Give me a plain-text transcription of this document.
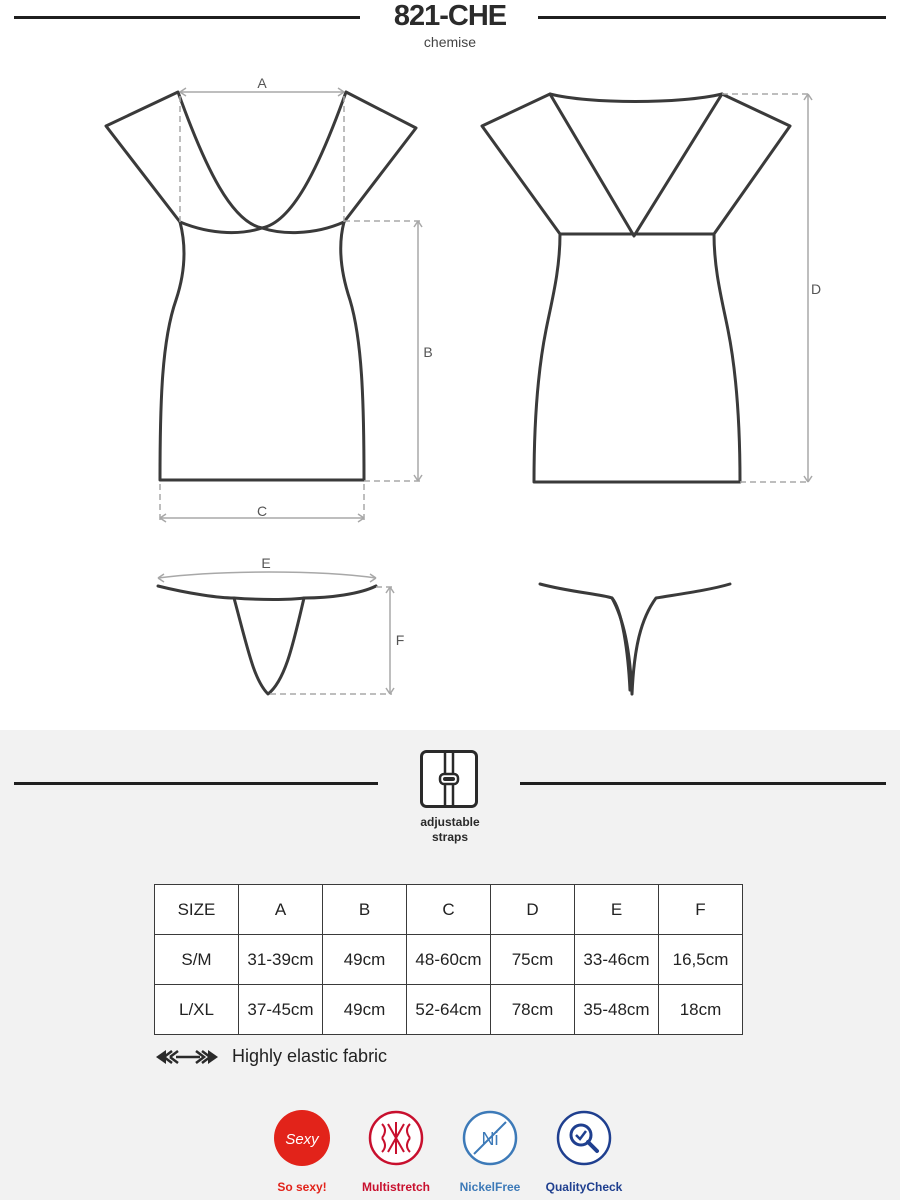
821-CHE
chemise
A
B
C
D
E
F
adjustable
straps
SIZE	A	B	C	D	E	F
S/M	31-39cm	49cm	48-60cm	75cm	33-46cm	16,5cm
L/XL	37-45cm	49cm	52-64cm	78cm	35-48cm	18cm
Highly elastic fabric
Sexy
So sexy!	Multistretch
Ni
NickelFree	QualityCheck
